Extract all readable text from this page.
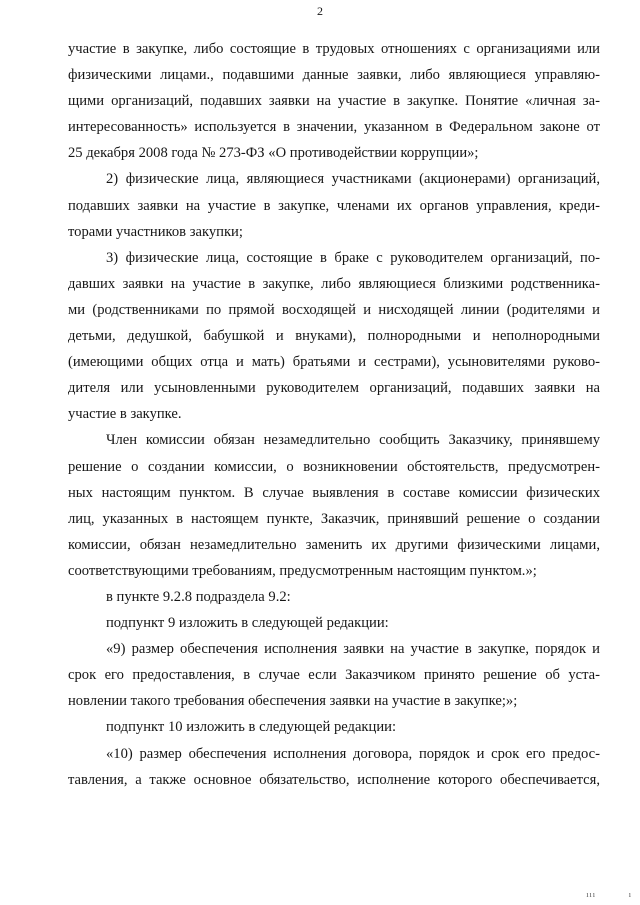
2

участие в закупке, либо состоящие в трудовых отношениях с организациями или
физическими лицами., подавшими данные заявки, либо являющиеся управляю-
щими организаций, подавших заявки на участие в закупке. Понятие «личная за-
интересованность» используется в значении, указанном в Федеральном законе от
25 декабря 2008 года № 273-ФЗ «О противодействии коррупции»;

2) физические лица, являющиеся участниками (акционерами) организаций,
подавших заявки на участие в закупке, членами их органов управления, креди-
торами участников закупки;

3) физические лица, состоящие в браке с руководителем организаций, по-
давших заявки на участие в закупке, либо являющиеся близкими родственника-
ми (родственниками по прямой восходящей и нисходящей линии (родителями и
детьми, дедушкой, бабушкой и внуками), полнородными и неполнородными
(имеющими общих отца и мать) братьями и сестрами), усыновителями руково-
дителя или усыновленными руководителем организаций, подавших заявки на
участие в закупке.

Член комиссии обязан незамедлительно сообщить Заказчику, принявшему
решение о создании комиссии, о возникновении обстоятельств, предусмотрен-
ных настоящим пунктом. В случае выявления в составе комиссии физических
лиц, указанных в настоящем пункте, Заказчик, принявший решение о создании
комиссии, обязан незамедлительно заменить их другими физическими лицами,
соответствующими требованиям, предусмотренным настоящим пунктом.»;

в пункте 9.2.8 подраздела 9.2:

подпункт 9 изложить в следующей редакции:

«9) размер обеспечения исполнения заявки на участие в закупке, порядок и
срок его предоставления, в случае если Заказчиком принято решение об уста-
новлении такого требования обеспечения заявки на участие в закупке;»;

подпункт 10 изложить в следующей редакции:

«10) размер обеспечения исполнения договора, порядок и срок его предос-
тавления, а также основное обязательство, исполнение которого обеспечивается,

ııı	ı
